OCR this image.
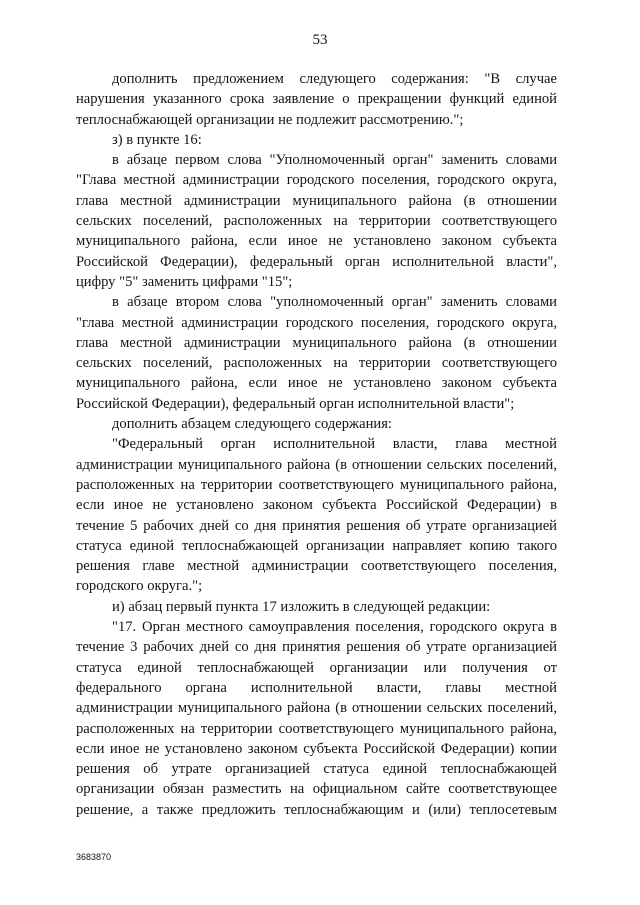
53
дополнить предложением следующего содержания: "В случае
нарушения указанного срока заявление о прекращении функций единой
теплоснабжающей организации не подлежит рассмотрению.";
з) в пункте 16:
в абзаце первом слова "Уполномоченный орган" заменить словами
"Глава местной администрации городского поселения, городского округа,
глава местной администрации муниципального района (в отношении
сельских поселений, расположенных на территории соответствующего
муниципального района, если иное не установлено законом субъекта
Российской Федерации), федеральный орган исполнительной власти",
цифру "5" заменить цифрами "15";
в абзаце втором слова "уполномоченный орган" заменить словами
"глава местной администрации городского поселения, городского округа,
глава местной администрации муниципального района (в отношении
сельских поселений, расположенных на территории соответствующего
муниципального района, если иное не установлено законом субъекта
Российской Федерации), федеральный орган исполнительной власти";
дополнить абзацем следующего содержания:
"Федеральный орган исполнительной власти, глава местной
администрации муниципального района (в отношении сельских поселений,
расположенных на территории соответствующего муниципального района,
если иное не установлено законом субъекта Российской Федерации) в
течение 5 рабочих дней со дня принятия решения об утрате организацией
статуса единой теплоснабжающей организации направляет копию такого
решения главе местной администрации соответствующего поселения,
городского округа.";
и) абзац первый пункта 17 изложить в следующей редакции:
"17. Орган местного самоуправления поселения, городского округа в
течение 3 рабочих дней со дня принятия решения об утрате организацией
статуса единой теплоснабжающей организации или получения от
федерального органа исполнительной власти, главы местной
администрации муниципального района (в отношении сельских поселений,
расположенных на территории соответствующего муниципального района,
если иное не установлено законом субъекта Российской Федерации) копии
решения об утрате организацией статуса единой теплоснабжающей
организации обязан разместить на официальном сайте соответствующее
решение, а также предложить теплоснабжающим и (или) теплосетевым
3683870
